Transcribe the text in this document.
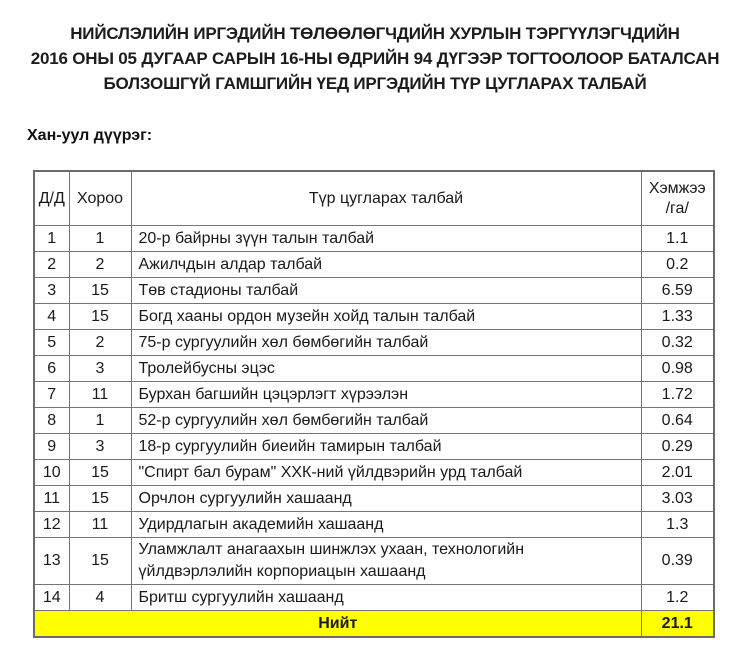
НИЙСЛЭЛИЙН ИРГЭДИЙН ТӨЛӨӨЛӨГЧДИЙН ХУРЛЫН ТЭРГҮҮЛЭГЧДИЙН
2016 ОНЫ 05 ДУГААР САРЫН 16-НЫ ӨДРИЙН 94 ДҮГЭЭР ТОГТООЛООР БАТАЛСАН
БОЛЗОШГҮЙ ГАМШГИЙН ҮЕД ИРГЭДИЙН ТҮР ЦУГЛАРАХ ТАЛБАЙ
Хан-уул дүүрэг:
Д/Д	Хороо	Түр цугларах талбай	Хэмжээ
/га/

1	1	20-р байрны зүүн талын талбай	1.1
2	2	Ажилчдын алдар талбай	0.2
3	15	Төв стадионы талбай	6.59
4	15	Богд хааны ордон музейн хойд талын талбай	1.33
5	2	75-р сургуулийн хөл бөмбөгийн талбай	0.32
6	3	Тролейбусны эцэс	0.98
7	11	Бурхан багшийн цэцэрлэгт хүрээлэн	1.72
8	1	52-р сургуулийн хөл бөмбөгийн талбай	0.64
9	3	18-р сургуулийн биеийн тамирын талбай	0.29
10	15	"Спирт бал бурам" ХХК-ний үйлдвэрийн урд талбай	2.01
11	15	Орчлон сургуулийн хашаанд	3.03
12	11	Удирдлагын академийн хашаанд	1.3
13	15	Уламжлалт анагаахын шинжлэх ухаан, технологийн үйлдвэрлэлийн корпориацын хашаанд	0.39
14	4	Бритш сургуулийн хашаанд	1.2
Нийт			21.1
